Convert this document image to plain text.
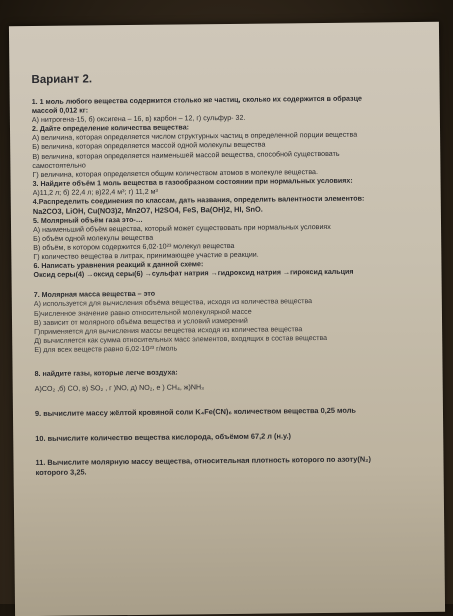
Вариант 2.

1. 1 моль любого вещества содержится столько же частиц, сколько их содержится в образце

массой 0,012 кг:

А) нитрогена-15, б) оксигена – 16, в) карбон – 12, г) сульфур- 32.

2. Дайте определение количества вещества:

А) величина, которая определяется числом структурных частиц в определенной порции вещества

Б) величина, которая определяется массой одной молекулы вещества

В) величина, которая определяется наименьшей массой вещества, способной существовать

самостоятельно

Г) величина, которая определяется общим количеством атомов в молекуле вещества.

3. Найдите объём 1 моль вещества в газообразном состоянии при нормальных условиях:

А)11,2 л; б) 22,4 л; в)22,4 м³; г) 11,2 м³

4.Распределить соединения по классам, дать названия, определить валентности элементов:

Na2CO3, LiOH, Cu(NO3)2, Mn2O7, H2SO4, FeS, Ba(OH)2, HI, SnO.

5. Молярный объём газа это-…

А) наименьший объём вещества, который может существовать при нормальных условиях

Б) объём одной молекулы вещества

В) объём, в котором содержится 6,02·10²³ молекул вещества

Г) количество вещества в литрах, принимающее участие в реакции.

6. Написать уравнения реакций к данной схеме:

Оксид серы(4) →оксид серы(6) →сульфат натрия →гидроксид натрия →гироксид кальция

7. Молярная масса вещества – это

А) используется для вычисления объёма вещества, исходя из количества вещества

Б)численное значение равно относительной молекулярной массе

В) зависит от молярного объёма вещества и условий измерений

Г)применяется для вычисления массы вещества исходя из количества вещества

Д) вычисляется как сумма относительных масс элементов, входящих в состав вещества

Е) для всех веществ равно 6,02·10²³ г/моль

8. найдите газы, которые легче воздуха:

А)CO₂ ,б) CO, в) SO₂ , г )NO, д) NO₂, е ) CH₄, ж)NH₃

9. вычислите массу жёлтой кровяной соли K₄Fe(CN)₆ количеством вещества 0,25 моль

10. вычислите количество вещества кислорода, объёмом 67,2 л (н.у.)

11. Вычислите молярную массу вещества, относительная плотность которого по азоту(N₂)

которого 3,25.
